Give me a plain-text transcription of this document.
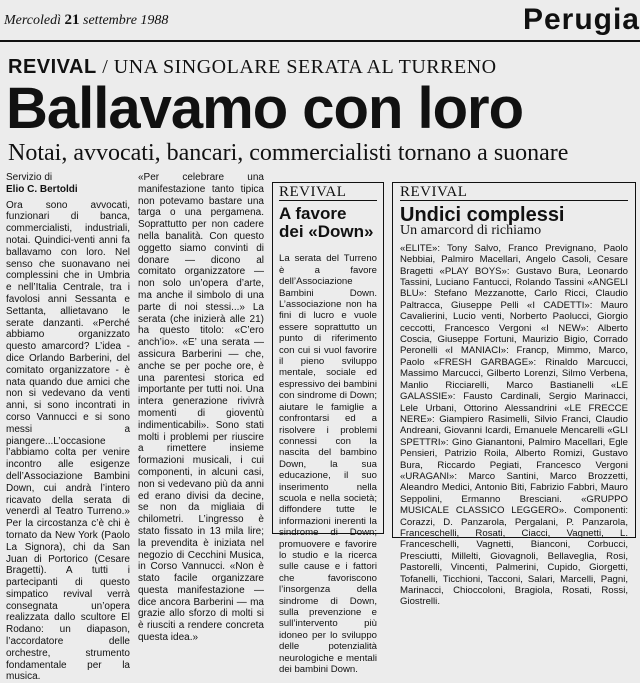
Mercoledì 21 settembre 1988	Perugia
REVIVAL / UNA SINGOLARE SERATA AL TURRENO
Ballavamo con loro
Notai, avvocati, bancari, commercialisti tornano a suonare
Servizio di
Elio C. Bertoldi

Ora sono avvocati, funzionari di banca, commercialisti, industriali, notai. Quindici-venti anni fa ballavamo con loro. Nel senso che suonavano nei complessini che in Umbria e nell’Italia Centrale, tra i favolosi anni Sessanta e Settanta, allietavano le serate danzanti. «Perché abbiamo organizzato questo amarcord? L’idea - dice Orlando Barberini, del comitato organizzatore - è nata quando due amici che non si vedevano da venti anni, si sono incontrati in corso Vannucci e si sono messi a piangere...L’occasione l’abbiamo colta per venire incontro alle esigenze dell’Associazione Bambini Down, cui andrà l’intero ricavato della serata di venerdì al Teatro Turreno.» Per la circostanza c’è chi è tornato da New York (Paolo La Signora), chi da San Juan di Portorico (Cesare Bragetti). A tutti i partecipanti di questo simpatico revival verrà consegnata un’opera realizzata dallo scultore El Rodano: un diapason, l’accordatore delle orchestre, strumento fondamentale per la musica.

«Per celebrare una manifestazione tanto tipica non potevamo bastare una targa o una pergamena. Soprattutto per non cadere nella banalità. Con questo oggetto siamo convinti di donare — dicono al comitato organizzatore — non solo un’opera d’arte, ma anche il simbolo di una parte di noi stessi...» La serata (che inizierà alle 21) ha questo titolo: «C’ero anch’io». «E’ una serata — assicura Barberini — che, anche se per poche ore, è una parentesi storica ed importante per tutti noi. Una intera generazione rivivrà momenti di gioventù indimenticabili». Sono stati molti i problemi per riuscire a rimettere insieme formazioni musicali, i cui componenti, in alcuni casi, non si vedevano più da anni ed erano divisi da decine, se non da migliaia di chilometri. L’ingresso è stato fissato in 13 mila lire; la prevendita è iniziata nel negozio di Cecchini Musica, in Corso Vannucci. «Non è stato facile organizzare questa manifestazione — dice ancora Barberini — ma grazie allo sforzo di molti si è riusciti a rendere concreta questa idea.»

REVIVAL
A favore
dei «Down»
La serata del Turreno è a favore dell’Associazione Bambini Down. L’associazione non ha fini di lucro e vuole essere soprattutto un punto di riferimento con cui si vuol favorire il pieno sviluppo mentale, sociale ed espressivo dei bambini con sindrome di Down; aiutare le famiglie a confrontarsi ed a risolvere i problemi connessi con la nascita del bambino Down, la sua educazione, il suo inserimento nella scuola e nella società; diffondere tutte le informazioni inerenti la sindrome di Down; promuovere e favorire lo studio e la ricerca sulle cause e i fattori che favoriscono l’insorgenza della sindrome di Down, sulla prevenzione e sull’intervento più idoneo per lo sviluppo delle potenzialità neurologiche e mentali dei bambini Down.
REVIVAL
Undici complessi
Un amarcord di richiamo
«ELITE»: Tony Salvo, Franco Prevignano, Paolo Nebbiai, Palmiro Macellari, Angelo Casoli, Cesare Bragetti «PLAY BOYS»: Gustavo Bura, Leonardo Tassini, Luciano Fantucci, Rolando Tassini «ANGELI BLU»: Stefano Mezzanotte, Carlo Ricci, Claudio Paltracca, Giuseppe Pelli «I CADETTI»: Mauro Cavalierini, Lucio venti, Norberto Paolucci, Giorgio ceccotti, Francesco Vergoni «I NEW»: Alberto Coscia, Giuseppe Fortuni, Maurizio Bigio, Corrado Peronelli «I MANIACI»: Francp, Mimmo, Marco, Paolo «FRESH GARBAGE»: Rinaldo Marcucci, Massimo Marcucci, Gilberto Lorenzi, Silmo Verbena, Manlio Ricciarelli, Marco Bastianelli «LE GALASSIE»: Fausto Cardinali, Sergio Marinacci, Lele Urbani, Ottorino Alessandrini «LE FRECCE NERE»: Giampiero Rasimelli, Silvio Franci, Claudio Andreani, Giovanni Icardi, Emanuele Mencarelli «GLI SPETTRI»: Gino Gianantoni, Palmiro Macellari, Egle Pensieri, Patrizio Roila, Alberto Romizi, Gustavo Bura, Riccardo Pegiati, Francesco Vergoni «URAGANI»: Marco Santini, Marco Brozzetti, Aleandro Medici, Antonio Biti, Fabrizio Fabbri, Mauro Seppolini, Ermanno Bresciani. «GRUPPO MUSICALE CLASSICO LEGGERO». Componenti: Corazzi, D. Panzarola, Pergalani, P. Panzarola, Franceschelli, Rosati, Ciacci, Vagnetti, L. Franceschelli, Vagnetti, Bianconi, Corbucci, Presciutti, Millelti, Giovagnoli, Bellaveglia, Rosi, Pastorelli, Vincenti, Palmerini, Cupido, Giorgetti, Tofanelli, Ticchioni, Tacconi, Salari, Marcelli, Pagni, Marinacci, Chioccoloni, Bragiola, Rosati, Rossi, Giostrelli.
